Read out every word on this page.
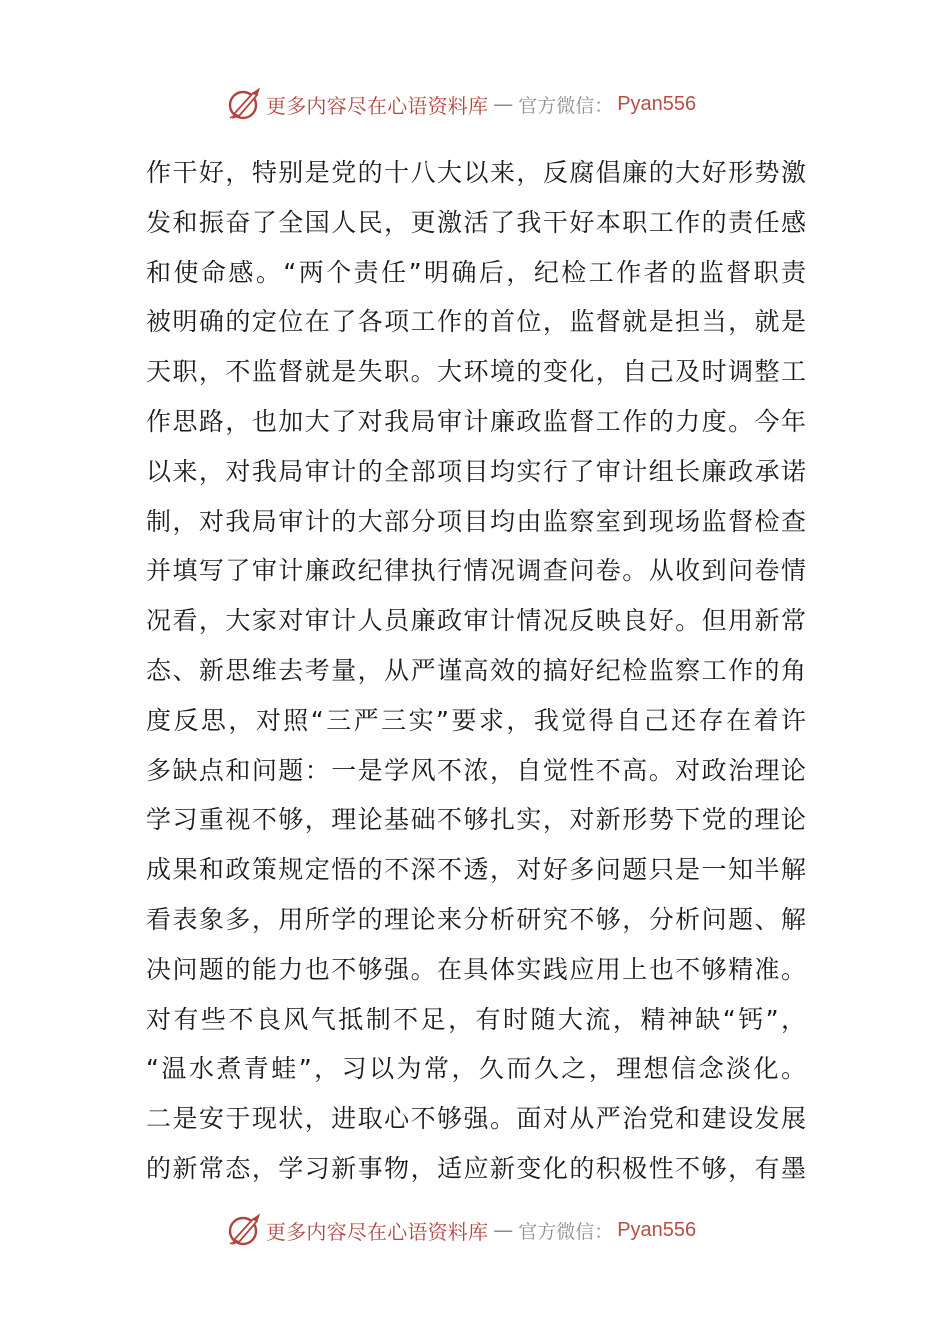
更多内容尽在心语资料库 — 官方微信： Pyan556
作干好，特别是党的十八大以来，反腐倡廉的大好形势激
发和振奋了全国人民，更激活了我干好本职工作的责任感
和使命感。“两个责任”明确后，纪检工作者的监督职责
被明确的定位在了各项工作的首位，监督就是担当，就是
天职，不监督就是失职。大环境的变化，自己及时调整工
作思路，也加大了对我局审计廉政监督工作的力度。今年
以来，对我局审计的全部项目均实行了审计组长廉政承诺
制，对我局审计的大部分项目均由监察室到现场监督检查
并填写了审计廉政纪律执行情况调查问卷。从收到问卷情
况看，大家对审计人员廉政审计情况反映良好。但用新常
态、新思维去考量，从严谨高效的搞好纪检监察工作的角
度反思，对照“三严三实”要求，我觉得自己还存在着许
多缺点和问题：一是学风不浓，自觉性不高。对政治理论
学习重视不够，理论基础不够扎实，对新形势下党的理论
成果和政策规定悟的不深不透，对好多问题只是一知半解
看表象多，用所学的理论来分析研究不够，分析问题、解
决问题的能力也不够强。在具体实践应用上也不够精准。
对有些不良风气抵制不足，有时随大流，精神缺“钙”，
“温水煮青蛙”，习以为常，久而久之，理想信念淡化。
二是安于现状，进取心不够强。面对从严治党和建设发展
的新常态，学习新事物，适应新变化的积极性不够，有墨
更多内容尽在心语资料库 — 官方微信： Pyan556
